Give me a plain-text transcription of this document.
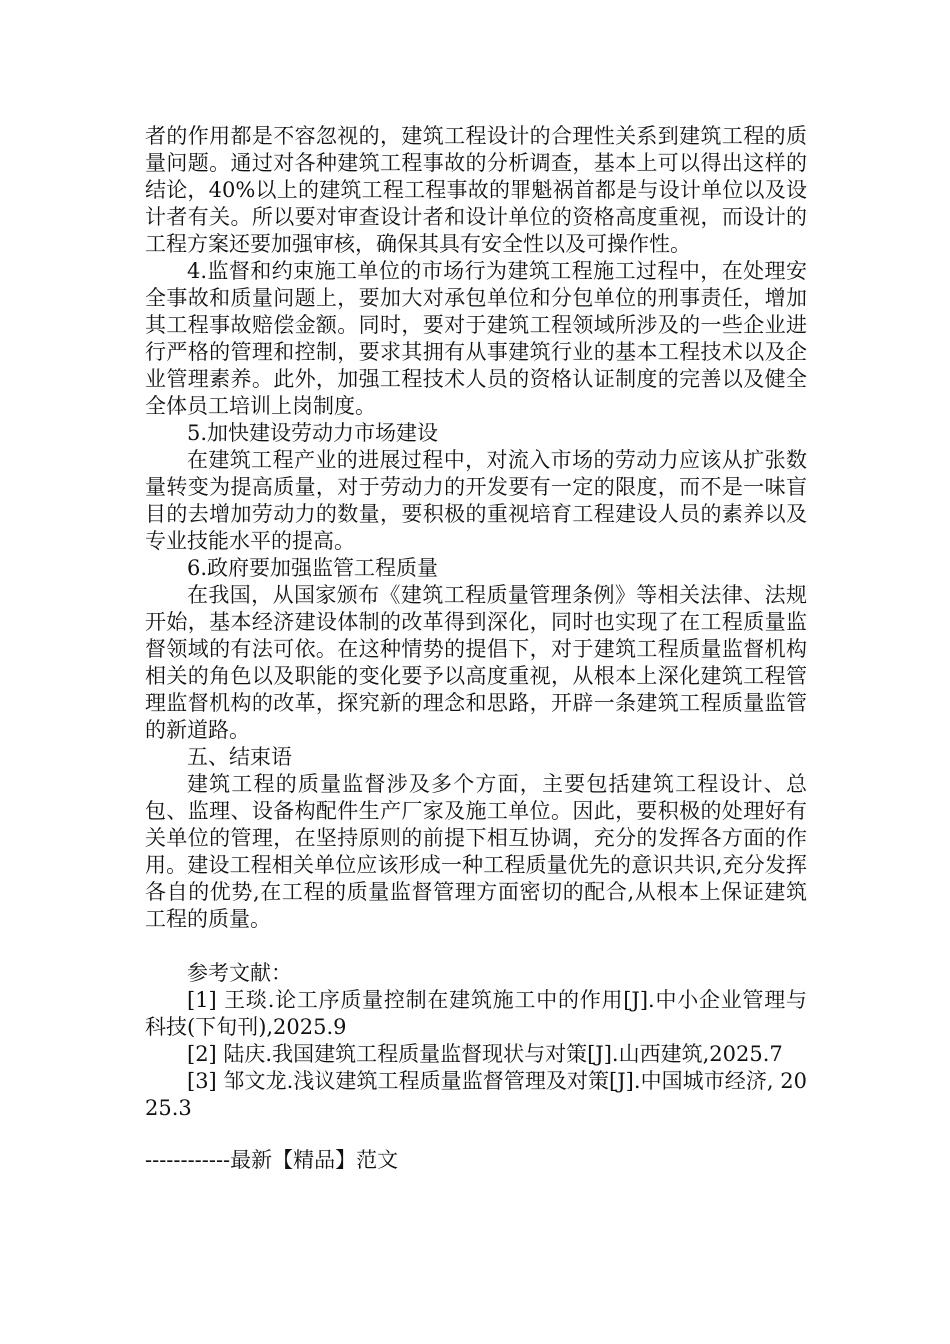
者的作用都是不容忽视的，建筑工程设计的合理性关系到建筑工程的质量问题。通过对各种建筑工程事故的分析调查，基本上可以得出这样的结论，40%以上的建筑工程工程事故的罪魁祸首都是与设计单位以及设计者有关。所以要对审查设计者和设计单位的资格高度重视，而设计的工程方案还要加强审核，确保其具有安全性以及可操作性。

4.监督和约束施工单位的市场行为建筑工程施工过程中，在处理安全事故和质量问题上，要加大对承包单位和分包单位的刑事责任，增加其工程事故赔偿金额。同时，要对于建筑工程领域所涉及的一些企业进行严格的管理和控制，要求其拥有从事建筑行业的基本工程技术以及企业管理素养。此外，加强工程技术人员的资格认证制度的完善以及健全全体员工培训上岗制度。

5.加快建设劳动力市场建设

在建筑工程产业的进展过程中，对流入市场的劳动力应该从扩张数量转变为提高质量，对于劳动力的开发要有一定的限度，而不是一味盲目的去增加劳动力的数量，要积极的重视培育工程建设人员的素养以及专业技能水平的提高。

6.政府要加强监管工程质量

在我国，从国家颁布《建筑工程质量管理条例》等相关法律、法规开始，基本经济建设体制的改革得到深化，同时也实现了在工程质量监督领域的有法可依。在这种情势的提倡下，对于建筑工程质量监督机构相关的角色以及职能的变化要予以高度重视，从根本上深化建筑工程管理监督机构的改革，探究新的理念和思路，开辟一条建筑工程质量监管的新道路。

五、结束语

建筑工程的质量监督涉及多个方面，主要包括建筑工程设计、总包、监理、设备构配件生产厂家及施工单位。因此，要积极的处理好有关单位的管理，在坚持原则的前提下相互协调，充分的发挥各方面的作用。建设工程相关单位应该形成一种工程质量优先的意识共识,充分发挥各自的优势,在工程的质量监督管理方面密切的配合,从根本上保证建筑工程的质量。

参考文献：

[1] 王琰.论工序质量控制在建筑施工中的作用[J].中小企业管理与科技(下旬刊),2025.9

[2] 陆庆.我国建筑工程质量监督现状与对策[J].山西建筑,2025.7

[3] 邹文龙.浅议建筑工程质量监督管理及对策[J].中国城市经济, 2025.3

------------最新【精品】范文
